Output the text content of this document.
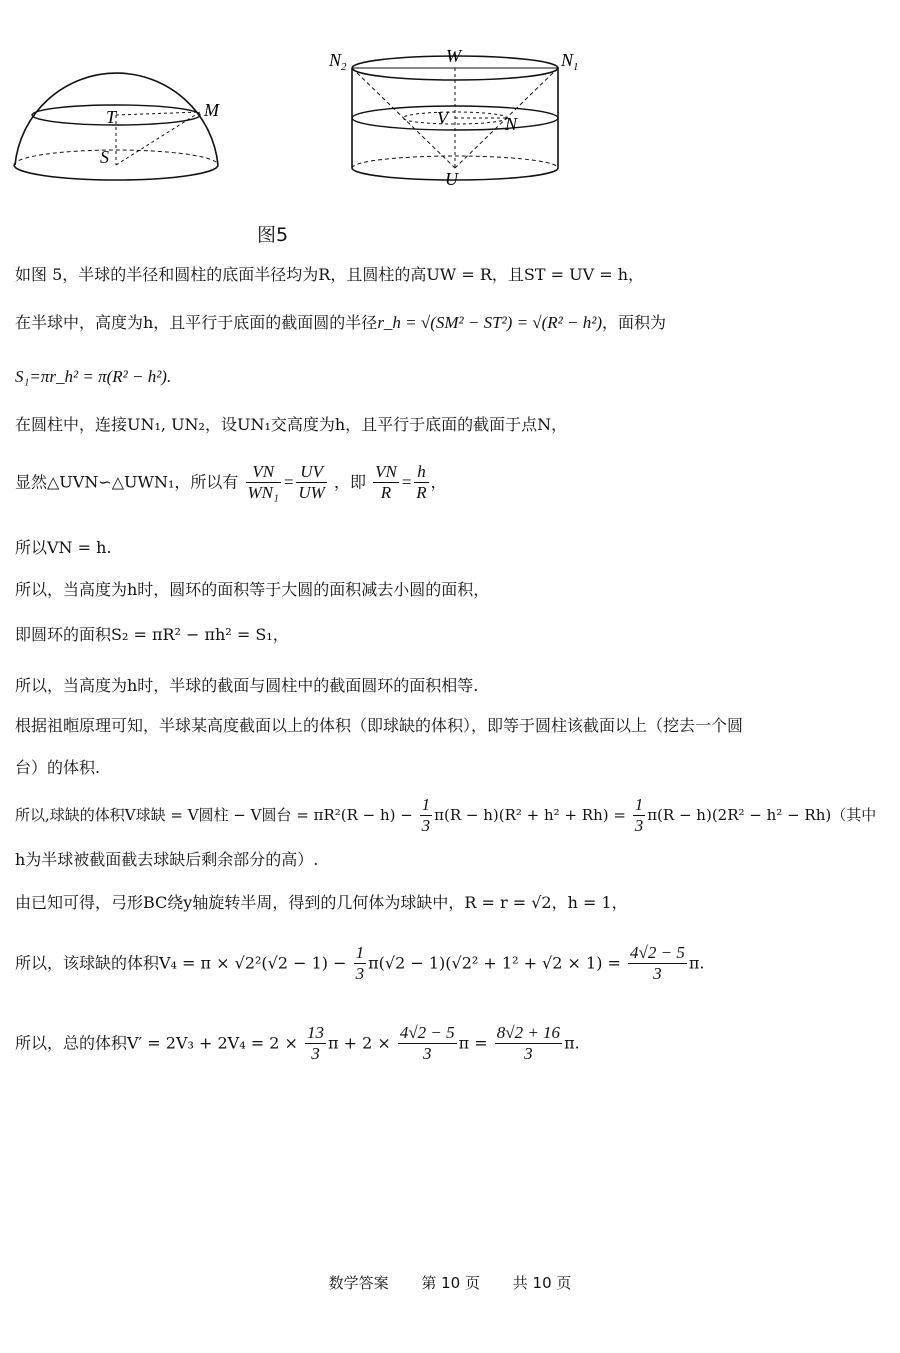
T	M
S
$N_2$
W	$N_1$
V	N
U
图5
如图 5，半球的半径和圆柱的底面半径均为R，且圆柱的高UW = R，且ST = UV = h，
在半球中，高度为h，且平行于底面的截面圆的半径r_h = √(SM² − ST²) = √(R² − h²)，面积为
S₁=πr_h² = π(R² − h²).
在圆柱中，连接UN₁, UN₂，设UN₁交高度为h，且平行于底面的截面于点N，
显然△UVN∽△UWN₁，所以有 $\frac{VN}{\text{WN₁}} = \frac{UV}{UW}$ ，即 $\frac{VN}{R} = \frac{h}{R}$ ，
所以VN = h.
所以，当高度为h时，圆环的面积等于大圆的面积减去小圆的面积，
即圆环的面积S₂ = πR² − πh² = S₁，
所以，当高度为h时，半球的截面与圆柱中的截面圆环的面积相等.
根据祖暅原理可知，半球某高度截面以上的体积（即球缺的体积），即等于圆柱该截面以上（挖去一个圆
台）的体积.
所以,球缺的体积V球缺 = V圆柱 − V圆台 = $\pi R^2(R - h) - \frac{1}{3} \pi(R - h)(R^2 + h^2 + Rh) = \frac{1}{3} \pi(R - h)(2R^2 - h^2 - Rh)$（其中
h为半球被截面截去球缺后剩余部分的高）.
由已知可得，弓形BC绕y轴旋转半周，得到的几何体为球缺中，R = r = √2，h = 1，
所以，该球缺的体积$V_4 = \pi \times √2^2(√2 - 1) - \frac{1}{3} \pi(√2 - 1)(√2^2 + 1^2 + √2 \times 1) = \frac{4√2 - 5}{3} \pi$.
所以，总的体积$V' = 2V_3 + 2V_4 = 2 \times \frac{13}{3}$ $\pi + 2 \times \frac{4√2 - 5}{3}$ $\pi = \frac{8√2 + 16}{3} \pi$.
数学答案 第 10 页 共 10 页
